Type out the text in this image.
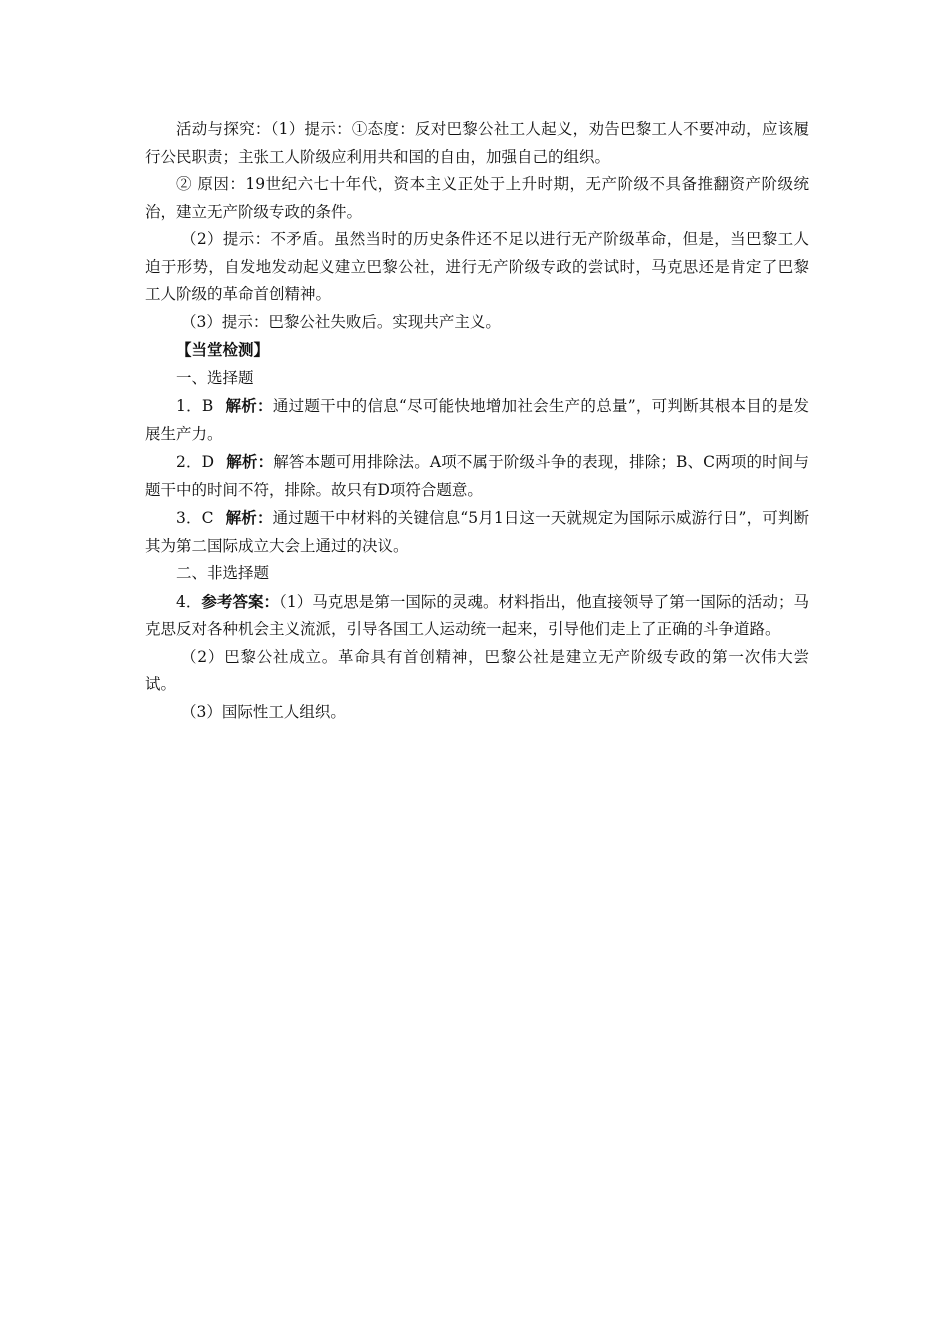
活动与探究：（1）提示：①态度：反对巴黎公社工人起义，劝告巴黎工人不要冲动，应该履行公民职责；主张工人阶级应利用共和国的自由，加强自己的组织。

② 原因：19世纪六七十年代，资本主义正处于上升时期，无产阶级不具备推翻资产阶级统治，建立无产阶级专政的条件。

（2）提示：不矛盾。虽然当时的历史条件还不足以进行无产阶级革命，但是，当巴黎工人迫于形势，自发地发动起义建立巴黎公社，进行无产阶级专政的尝试时，马克思还是肯定了巴黎工人阶级的革命首创精神。

（3）提示：巴黎公社失败后。实现共产主义。

【当堂检测】

一、选择题

1．B 解析：通过题干中的信息“尽可能快地增加社会生产的总量”，可判断其根本目的是发展生产力。

2．D 解析：解答本题可用排除法。A项不属于阶级斗争的表现，排除；B、C两项的时间与题干中的时间不符，排除。故只有D项符合题意。

3．C 解析：通过题干中材料的关键信息“5月1日这一天就规定为国际示威游行日”，可判断其为第二国际成立大会上通过的决议。

二、非选择题

4．参考答案：（1）马克思是第一国际的灵魂。材料指出，他直接领导了第一国际的活动；马克思反对各种机会主义流派，引导各国工人运动统一起来，引导他们走上了正确的斗争道路。

（2）巴黎公社成立。革命具有首创精神，巴黎公社是建立无产阶级专政的第一次伟大尝试。

（3）国际性工人组织。
